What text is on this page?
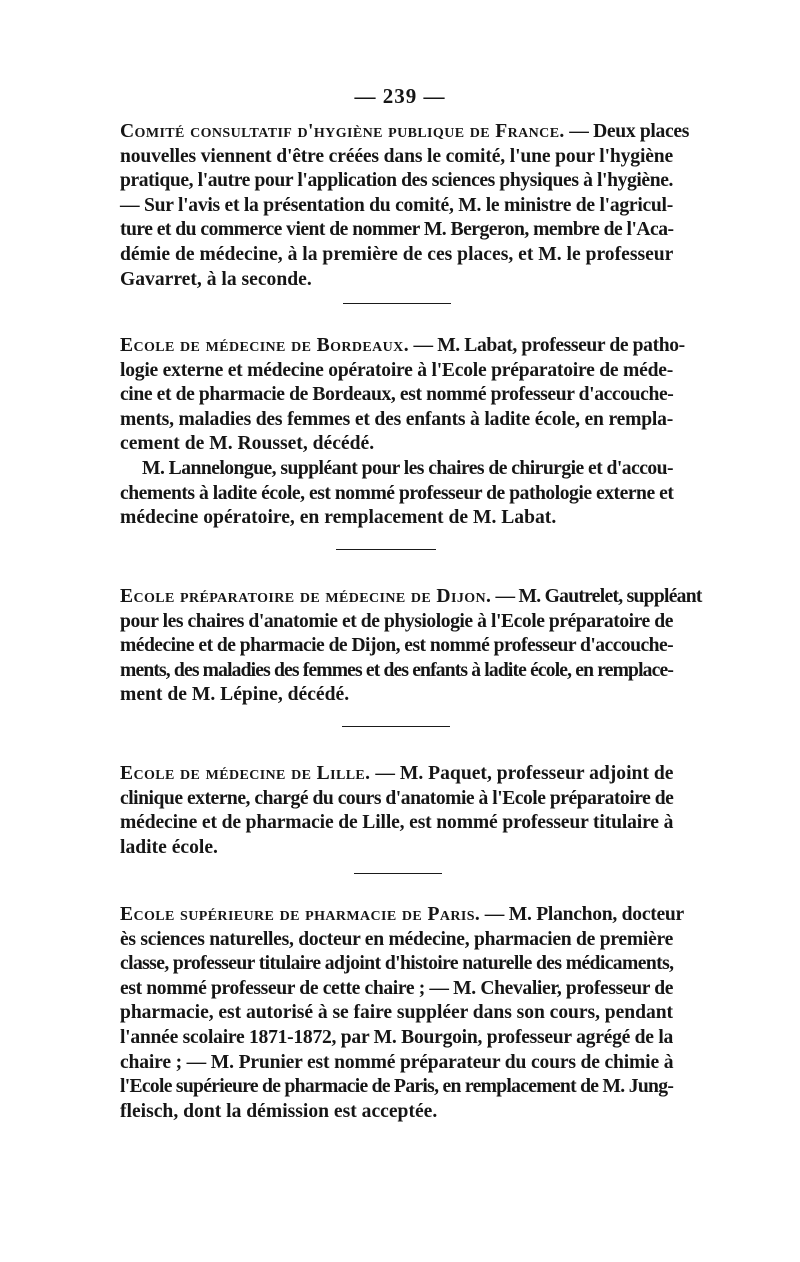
— 239 —
Comité consultatif d'hygiène publique de France. — Deux places
nouvelles viennent d'être créées dans le comité, l'une pour l'hygiène
pratique, l'autre pour l'application des sciences physiques à l'hygiène.
— Sur l'avis et la présentation du comité, M. le ministre de l'agricul-
ture et du commerce vient de nommer M. Bergeron, membre de l'Aca-
démie de médecine, à la première de ces places, et M. le professeur
Gavarret, à la seconde.
Ecole de médecine de Bordeaux. — M. Labat, professeur de patho-
logie externe et médecine opératoire à l'Ecole préparatoire de méde-
cine et de pharmacie de Bordeaux, est nommé professeur d'accouche-
ments, maladies des femmes et des enfants à ladite école, en rempla-
cement de M. Rousset, décédé.
M. Lannelongue, suppléant pour les chaires de chirurgie et d'accou-
chements à ladite école, est nommé professeur de pathologie externe et
médecine opératoire, en remplacement de M. Labat.
Ecole préparatoire de médecine de Dijon. — M. Gautrelet, suppléant
pour les chaires d'anatomie et de physiologie à l'Ecole préparatoire de
médecine et de pharmacie de Dijon, est nommé professeur d'accouche-
ments, des maladies des femmes et des enfants à ladite école, en remplace-
ment de M. Lépine, décédé.
Ecole de médecine de Lille. — M. Paquet, professeur adjoint de
clinique externe, chargé du cours d'anatomie à l'Ecole préparatoire de
médecine et de pharmacie de Lille, est nommé professeur titulaire à
ladite école.
Ecole supérieure de pharmacie de Paris. — M. Planchon, docteur
ès sciences naturelles, docteur en médecine, pharmacien de première
classe, professeur titulaire adjoint d'histoire naturelle des médicaments,
est nommé professeur de cette chaire ; — M. Chevalier, professeur de
pharmacie, est autorisé à se faire suppléer dans son cours, pendant
l'année scolaire 1871-1872, par M. Bourgoin, professeur agrégé de la
chaire ; — M. Prunier est nommé préparateur du cours de chimie à
l'Ecole supérieure de pharmacie de Paris, en remplacement de M. Jung-
fleisch, dont la démission est acceptée.
